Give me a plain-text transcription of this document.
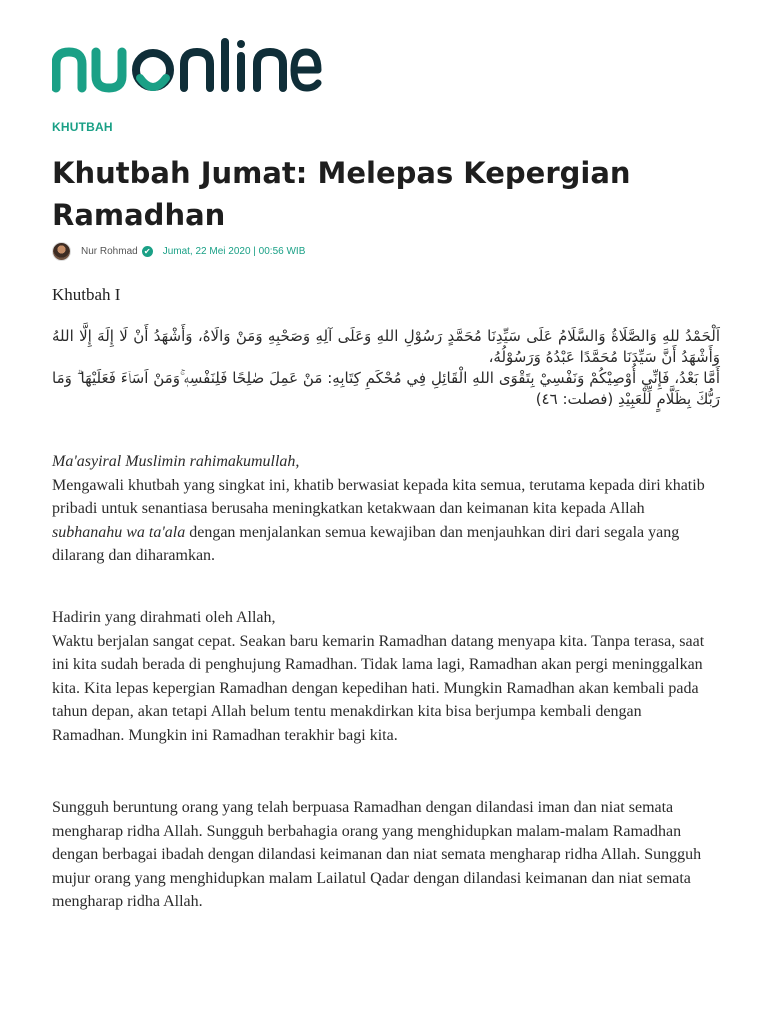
KHUTBAH
Khutbah Jumat: Melepas Kepergian Ramadhan
Nur Rohmad ✔ Jumat, 22 Mei 2020 | 00:56 WIB
Khutbah I

اَلْحَمْدُ للهِ وَالصَّلَاةُ وَالسَّلَامُ عَلَى سَيِّدِنَا مُحَمَّدٍ رَسُوْلِ اللهِ وَعَلَى آلِهِ وَصَحْبِهِ وَمَنْ وَالَاهُ، وَأَشْهَدُ أَنْ لَا إِلَهَ إِلَّا اللهُ وَأَشْهَدُ أَنَّ سَيِّدَنَا مُحَمَّدًا عَبْدُهُ وَرَسُوْلُهُ،

أَمَّا بَعْدُ، فَإِنِّي أُوْصِيْكُمْ وَنَفْسِيْ بِتَقْوَى اللهِ الْقَائِلِ فِي مُحْكَمِ كِتَابِهِ: مَنْ عَمِلَ صٰلِحًا فَلِنَفْسِهٖ ۚوَمَنْ اَسَاۤءَ فَعَلَيْهَا ۗ وَمَا رَبُّكَ بِظَلَّامٍ لِّلْعَبِيْدِ (فصلت: ٤٦)

Ma'asyiral Muslimin rahimakumullah,

Mengawali khutbah yang singkat ini, khatib berwasiat kepada kita semua, terutama kepada diri khatib pribadi untuk senantiasa berusaha meningkatkan ketakwaan dan keimanan kita kepada Allah subhanahu wa ta'ala dengan menjalankan semua kewajiban dan menjauhkan diri dari segala yang dilarang dan diharamkan.

Hadirin yang dirahmati oleh Allah,

Waktu berjalan sangat cepat. Seakan baru kemarin Ramadhan datang menyapa kita. Tanpa terasa, saat ini kita sudah berada di penghujung Ramadhan. Tidak lama lagi, Ramadhan akan pergi meninggalkan kita. Kita lepas kepergian Ramadhan dengan kepedihan hati. Mungkin Ramadhan akan kembali pada tahun depan, akan tetapi Allah belum tentu menakdirkan kita bisa berjumpa kembali dengan Ramadhan. Mungkin ini Ramadhan terakhir bagi kita.

Sungguh beruntung orang yang telah berpuasa Ramadhan dengan dilandasi iman dan niat semata mengharap ridha Allah. Sungguh berbahagia orang yang menghidupkan malam-malam Ramadhan dengan berbagai ibadah dengan dilandasi keimanan dan niat semata mengharap ridha Allah. Sungguh mujur orang yang menghidupkan malam Lailatul Qadar dengan dilandasi keimanan dan niat semata mengharap ridha Allah.
